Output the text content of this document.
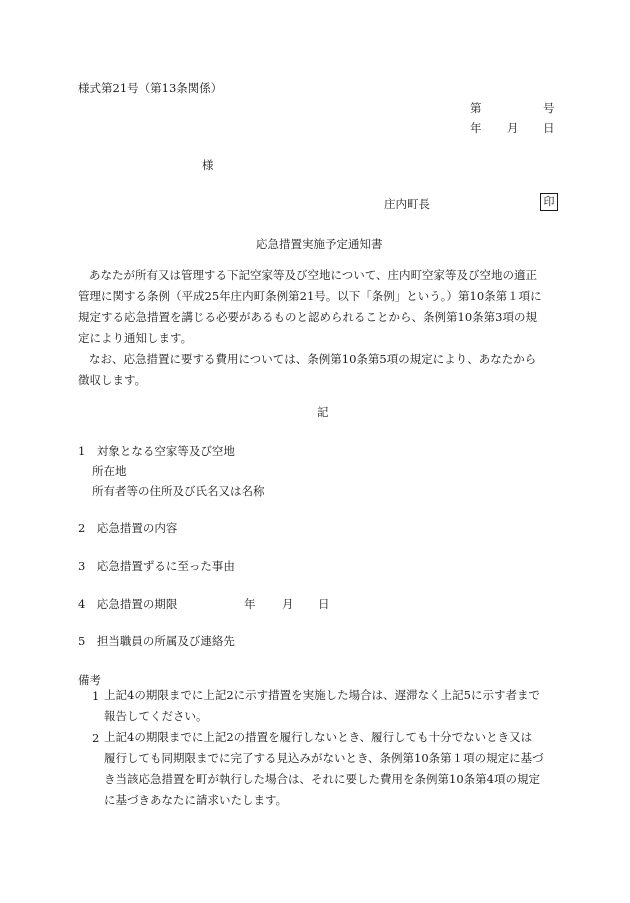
様式第21号（第13条関係）
第	号
年 月 日
様
庄内町長	印
応急措置実施予定通知書
あなたが所有又は管理する下記空家等及び空地について、庄内町空家等及び空地の適正
管理に関する条例（平成25年庄内町条例第21号。以下「条例」という。）第10条第１項に
規定する応急措置を講じる必要があるものと認められることから、条例第10条第3項の規
定により通知します。
なお、応急措置に要する費用については、条例第10条第5項の規定により、あなたから
徴収します。
記
1　対象となる空家等及び空地
所在地
所有者等の住所及び氏名又は名称
2　応急措置の内容
3　応急措置ずるに至った事由
4　応急措置の期限	年 月 日
5　担当職員の所属及び連絡先
備考
1 上記4の期限までに上記2に示す措置を実施した場合は、遅滞なく上記5に示す者まで
報告してください。
2 上記4の期限までに上記2の措置を履行しないとき、履行しても十分でないとき又は
履行しても同期限までに完了する見込みがないとき、条例第10条第１項の規定に基づ
き当該応急措置を町が執行した場合は、それに要した費用を条例第10条第4項の規定
に基づきあなたに請求いたします。
